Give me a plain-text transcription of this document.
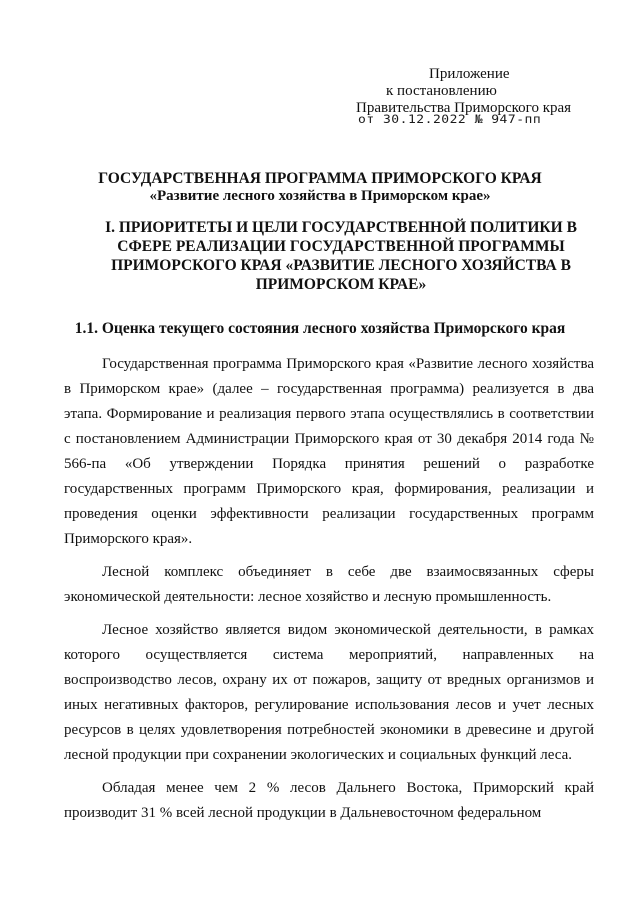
Приложение
к постановлению
Правительства Приморского края
от 30.12.2022 № 947-пп
ГОСУДАРСТВЕННАЯ ПРОГРАММА ПРИМОРСКОГО КРАЯ
«Развитие лесного хозяйства в Приморском крае»
I. ПРИОРИТЕТЫ И ЦЕЛИ ГОСУДАРСТВЕННОЙ ПОЛИТИКИ В СФЕРЕ РЕАЛИЗАЦИИ ГОСУДАРСТВЕННОЙ ПРОГРАММЫ ПРИМОРСКОГО КРАЯ «РАЗВИТИЕ ЛЕСНОГО ХОЗЯЙСТВА В ПРИМОРСКОМ КРАЕ»
1.1. Оценка текущего состояния лесного хозяйства Приморского края

Государственная программа Приморского края «Развитие лесного хозяйства в Приморском крае» (далее – государственная программа) реализуется в два этапа. Формирование и реализация первого этапа осуществлялись в соответствии с постановлением Администрации Приморского края от 30 декабря 2014 года № 566-па «Об утверждении Порядка принятия решений о разработке государственных программ Приморского края, формирования, реализации и проведения оценки эффективности реализации государственных программ Приморского края».

Лесной комплекс объединяет в себе две взаимосвязанных сферы экономической деятельности: лесное хозяйство и лесную промышленность.

Лесное хозяйство является видом экономической деятельности, в рамках которого осуществляется система мероприятий, направленных на воспроизводство лесов, охрану их от пожаров, защиту от вредных организмов и иных негативных факторов, регулирование использования лесов и учет лесных ресурсов в целях удовлетворения потребностей экономики в древесине и другой лесной продукции при сохранении экологических и социальных функций леса.

Обладая менее чем 2 % лесов Дальнего Востока, Приморский край производит 31 % всей лесной продукции в Дальневосточном федеральном
